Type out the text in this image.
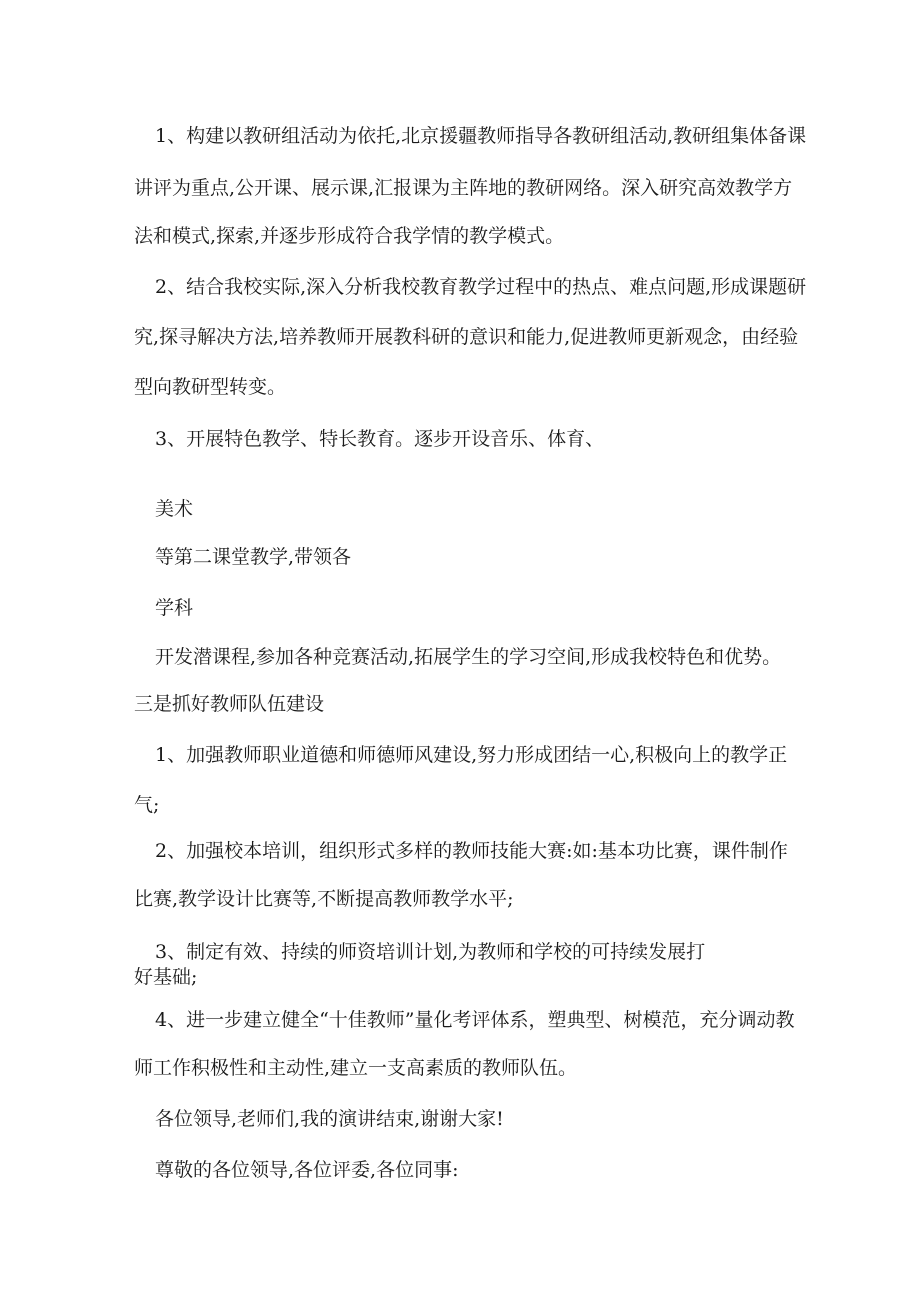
1、构建以教研组活动为依托,北京援疆教师指导各教研组活动,教研组集体备课

讲评为重点,公开课、展示课,汇报课为主阵地的教研网络。深入研究高效教学方

法和模式,探索,并逐步形成符合我学情的教学模式。

2、结合我校实际,深入分析我校教育教学过程中的热点、难点问题,形成课题研

究,探寻解决方法,培养教师开展教科研的意识和能力,促进教师更新观念，由经验

型向教研型转变。

3、开展特色教学、特长教育。逐步开设音乐、体育、

美术

等第二课堂教学,带领各

学科

开发潜课程,参加各种竞赛活动,拓展学生的学习空间,形成我校特色和优势。

三是抓好教师队伍建设

1、加强教师职业道德和师德师风建设,努力形成团结一心,积极向上的教学正

气;

2、加强校本培训，组织形式多样的教师技能大赛:如:基本功比赛，课件制作

比赛,教学设计比赛等,不断提高教师教学水平;

3、制定有效、持续的师资培训计划,为教师和学校的可持续发展打

好基础;

4、进一步建立健全“十佳教师”量化考评体系，塑典型、树模范，充分调动教

师工作积极性和主动性,建立一支高素质的教师队伍。

各位领导,老师们,我的演讲结束,谢谢大家!

尊敬的各位领导,各位评委,各位同事:
